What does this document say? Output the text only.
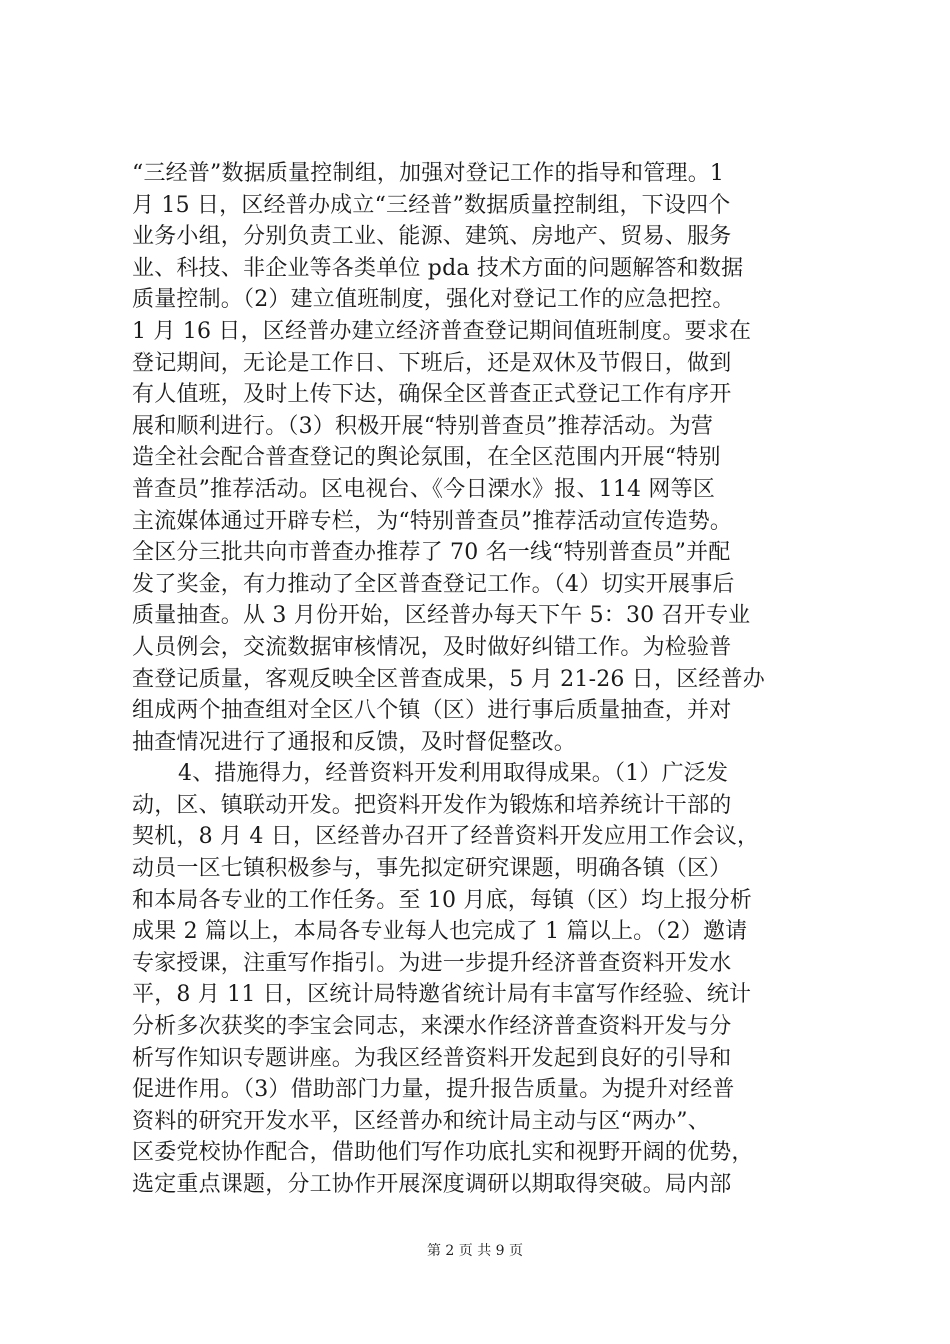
“三经普”数据质量控制组，加强对登记工作的指导和管理。1
月 15 日，区经普办成立“三经普”数据质量控制组，下设四个
业务小组，分别负责工业、能源、建筑、房地产、贸易、服务
业、科技、非企业等各类单位 pda 技术方面的问题解答和数据
质量控制。（2）建立值班制度，强化对登记工作的应急把控。
1 月 16 日，区经普办建立经济普查登记期间值班制度。要求在
登记期间，无论是工作日、下班后，还是双休及节假日，做到
有人值班，及时上传下达，确保全区普查正式登记工作有序开
展和顺利进行。（3）积极开展“特别普查员”推荐活动。为营
造全社会配合普查登记的舆论氛围，在全区范围内开展“特别
普查员”推荐活动。区电视台、《今日溧水》报、114 网等区
主流媒体通过开辟专栏，为“特别普查员”推荐活动宣传造势。
全区分三批共向市普查办推荐了 70 名一线“特别普查员”并配
发了奖金，有力推动了全区普查登记工作。（4）切实开展事后
质量抽查。从 3 月份开始，区经普办每天下午 5：30 召开专业
人员例会，交流数据审核情况，及时做好纠错工作。为检验普
查登记质量，客观反映全区普查成果，5 月 21-26 日，区经普办
组成两个抽查组对全区八个镇（区）进行事后质量抽查，并对
抽查情况进行了通报和反馈，及时督促整改。
4、措施得力，经普资料开发利用取得成果。（1）广泛发
动，区、镇联动开发。把资料开发作为锻炼和培养统计干部的
契机，8 月 4 日，区经普办召开了经普资料开发应用工作会议，
动员一区七镇积极参与，事先拟定研究课题，明确各镇（区）
和本局各专业的工作任务。至 10 月底，每镇（区）均上报分析
成果 2 篇以上，本局各专业每人也完成了 1 篇以上。（2）邀请
专家授课，注重写作指引。为进一步提升经济普查资料开发水
平，8 月 11 日，区统计局特邀省统计局有丰富写作经验、统计
分析多次获奖的李宝会同志，来溧水作经济普查资料开发与分
析写作知识专题讲座。为我区经普资料开发起到良好的引导和
促进作用。（3）借助部门力量，提升报告质量。为提升对经普
资料的研究开发水平，区经普办和统计局主动与区“两办”、
区委党校协作配合，借助他们写作功底扎实和视野开阔的优势，
选定重点课题，分工协作开展深度调研以期取得突破。局内部
第 2 页 共 9 页
